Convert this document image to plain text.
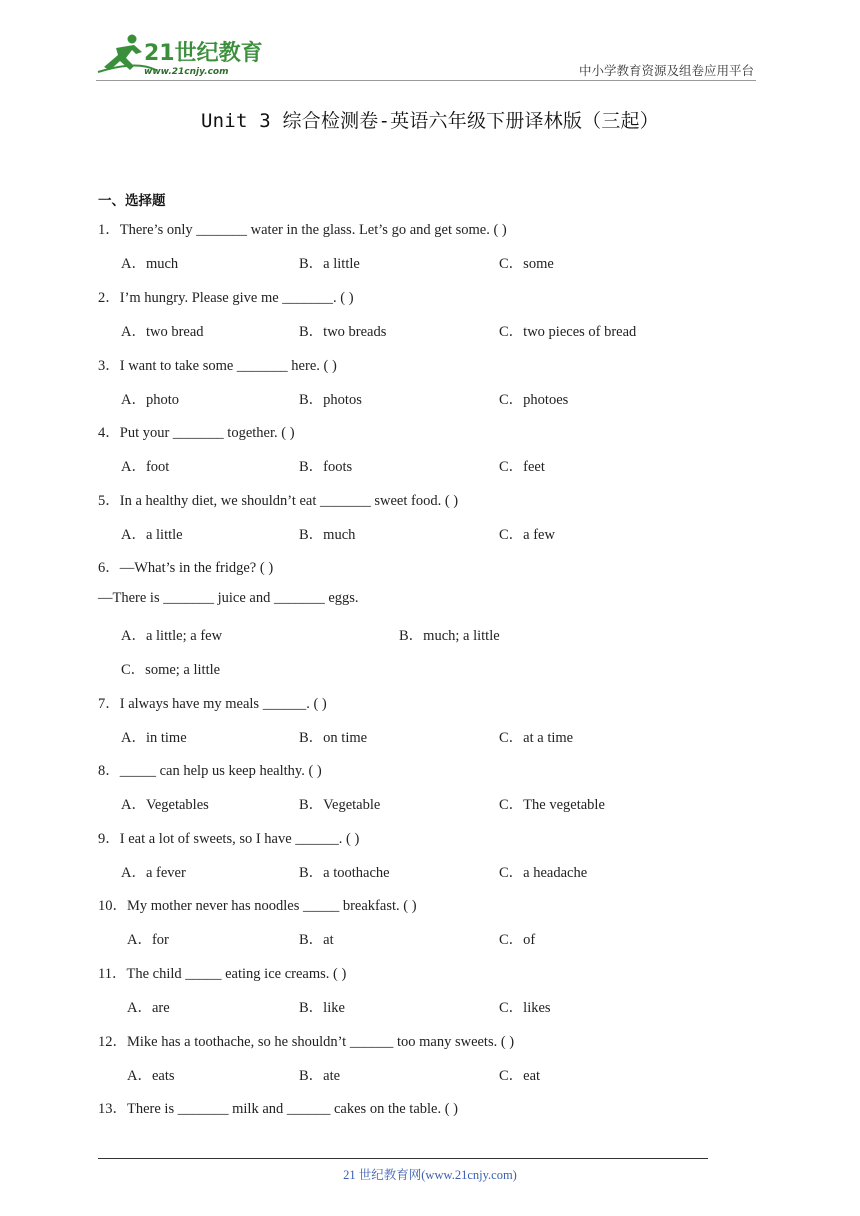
21世纪教育
www.21cnjy.com	中小学教育资源及组卷应用平台
Unit 3 综合检测卷-英语六年级下册译林版（三起）
一、选择题
1．There’s only _______ water in the glass. Let’s go and get some. ( )
A．much	B．a little	C．some
2．I’m hungry. Please give me _______. ( )
A．two bread	B．two breads	C．two pieces of bread
3．I want to take some _______ here. ( )
A．photo	B．photos	C．photoes
4．Put your _______ together. ( )
A．foot	B．foots	C．feet
5．In a healthy diet, we shouldn’t eat _______ sweet food. ( )
A．a little	B．much	C．a few
6．—What’s in the fridge? ( )
—There is _______ juice and _______ eggs.
A．a little; a few	B．much; a little
C．some; a little
7．I always have my meals ______. ( )
A．in time	B．on time	C．at a time
8．_____ can help us keep healthy. ( )
A．Vegetables	B．Vegetable	C．The vegetable
9．I eat a lot of sweets, so I have ______. ( )
A．a fever	B．a toothache	C．a headache
10．My mother never has noodles _____ breakfast. ( )
A．for	B．at	C．of
11．The child _____ eating ice creams. ( )
A．are	B．like	C．likes
12．Mike has a toothache, so he shouldn’t ______ too many sweets. ( )
A．eats	B．ate	C．eat
13．There is _______ milk and ______ cakes on the table. ( )
21 世纪教育网(www.21cnjy.com)
